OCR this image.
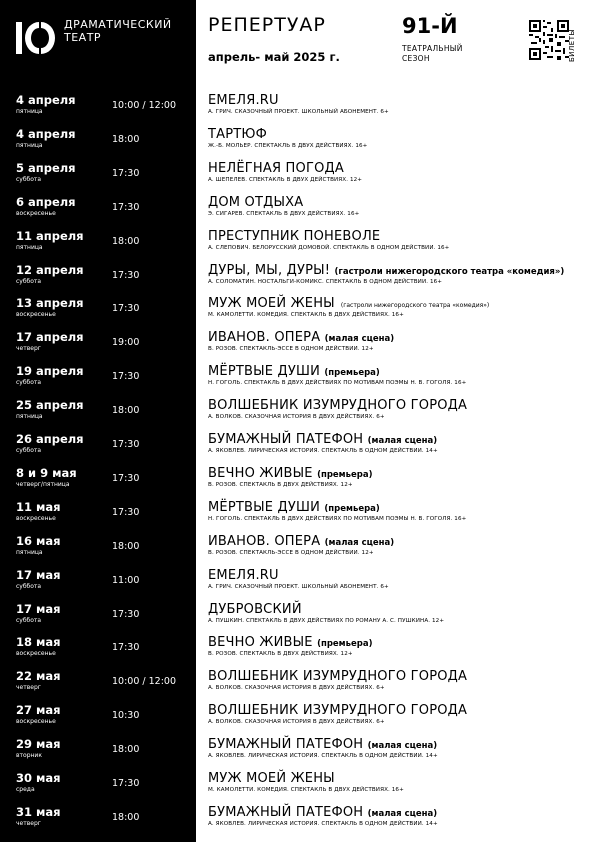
ДРАМАТИЧЕСКИЙ
ТЕАТР
РЕПЕРТУАР
апрель- май 2025 г.
91-Й
ТЕАТРАЛЬНЫЙ
СЕЗОН	БИЛЕТЫ
4 апреля
пятница
10:00 / 12:00 ЕМЕЛЯ.RU
А. ГРИЧ. СКАЗОЧНЫЙ ПРОЕКТ. ШКОЛЬНЫЙ АБОНЕМЕНТ. 6+
4 апреля
пятница
18:00	ТАРТЮФ
Ж.-Б. МОЛЬЕР. СПЕКТАКЛЬ В ДВУХ ДЕЙСТВИЯХ. 16+
5 апреля
суббота
17:30	НЕЛЁГНАЯ ПОГОДА
А. ШЕПЕЛЕВ. СПЕКТАКЛЬ В ДВУХ ДЕЙСТВИЯХ. 12+
6 апреля
воскресенье
17:30	ДОМ ОТДЫХА
Э. СИГАРЕВ. СПЕКТАКЛЬ В ДВУХ ДЕЙСТВИЯХ. 16+
11 апреля
пятница
18:00	ПРЕСТУПНИК ПОНЕВОЛЕ
А. СЛЕПОВИЧ. БЕЛОРУССКИЙ ДОМОВОЙ. СПЕКТАКЛЬ В ОДНОМ ДЕЙСТВИИ. 16+
12 апреля
суббота
17:30	ДУРЫ, МЫ, ДУРЫ! (гастроли нижегородского театра «комедия»)
А. СОЛОМАТИН. НОСТАЛЬГИ-КОМИКС. СПЕКТАКЛЬ В ОДНОМ ДЕЙСТВИИ. 16+
13 апреля
воскресенье
17:30	МУЖ МОЕЙ ЖЕНЫ (гастроли нижегородского театра «комедия»)
М. КАМОЛЕТТИ. КОМЕДИЯ. СПЕКТАКЛЬ В ДВУХ ДЕЙСТВИЯХ. 16+
17 апреля
четверг
19:00	ИВАНОВ. ОПЕРА (малая сцена)
В. РОЗОВ. СПЕКТАКЛЬ-ЭССЕ В ОДНОМ ДЕЙСТВИИ. 12+
19 апреля
суббота
17:30	МЁРТВЫЕ ДУШИ (премьера)
Н. ГОГОЛЬ. СПЕКТАКЛЬ В ДВУХ ДЕЙСТВИЯХ ПО МОТИВАМ ПОЭМЫ Н. В. ГОГОЛЯ. 16+
25 апреля
пятница
18:00	ВОЛШЕБНИК ИЗУМРУДНОГО ГОРОДА
А. ВОЛКОВ. СКАЗОЧНАЯ ИСТОРИЯ В ДВУХ ДЕЙСТВИЯХ. 6+
26 апреля
суббота
17:30	БУМАЖНЫЙ ПАТЕФОН (малая сцена)
А. ЯКОВЛЕВ. ЛИРИЧЕСКАЯ ИСТОРИЯ. СПЕКТАКЛЬ В ОДНОМ ДЕЙСТВИИ. 14+
8 и 9 мая
четверг/пятница
17:30	ВЕЧНО ЖИВЫЕ (премьера)
В. РОЗОВ. СПЕКТАКЛЬ В ДВУХ ДЕЙСТВИЯХ. 12+
11 мая
воскресенье
17:30	МЁРТВЫЕ ДУШИ (премьера)
Н. ГОГОЛЬ. СПЕКТАКЛЬ В ДВУХ ДЕЙСТВИЯХ ПО МОТИВАМ ПОЭМЫ Н. В. ГОГОЛЯ. 16+
16 мая
пятница
18:00	ИВАНОВ. ОПЕРА (малая сцена)
В. РОЗОВ. СПЕКТАКЛЬ-ЭССЕ В ОДНОМ ДЕЙСТВИИ. 12+
17 мая
суббота
11:00	ЕМЕЛЯ.RU
А. ГРИЧ. СКАЗОЧНЫЙ ПРОЕКТ. ШКОЛЬНЫЙ АБОНЕМЕНТ. 6+
17 мая
суббота
17:30	ДУБРОВСКИЙ
А. ПУШКИН. СПЕКТАКЛЬ В ДВУХ ДЕЙСТВИЯХ ПО РОМАНУ А. С. ПУШКИНА. 12+
18 мая
воскресенье
17:30	ВЕЧНО ЖИВЫЕ (премьера)
В. РОЗОВ. СПЕКТАКЛЬ В ДВУХ ДЕЙСТВИЯХ. 12+
22 мая
четверг
10:00 / 12:00 ВОЛШЕБНИК ИЗУМРУДНОГО ГОРОДА
А. ВОЛКОВ. СКАЗОЧНАЯ ИСТОРИЯ В ДВУХ ДЕЙСТВИЯХ. 6+
27 мая
воскресенье
10:30	ВОЛШЕБНИК ИЗУМРУДНОГО ГОРОДА
А. ВОЛКОВ. СКАЗОЧНАЯ ИСТОРИЯ В ДВУХ ДЕЙСТВИЯХ. 6+
29 мая
вторник
18:00	БУМАЖНЫЙ ПАТЕФОН (малая сцена)
А. ЯКОВЛЕВ. ЛИРИЧЕСКАЯ ИСТОРИЯ. СПЕКТАКЛЬ В ОДНОМ ДЕЙСТВИИ. 14+
30 мая
среда
17:30	МУЖ МОЕЙ ЖЕНЫ
М. КАМОЛЕТТИ. КОМЕДИЯ. СПЕКТАКЛЬ В ДВУХ ДЕЙСТВИЯХ. 16+
31 мая
четверг
18:00	БУМАЖНЫЙ ПАТЕФОН (малая сцена)
А. ЯКОВЛЕВ. ЛИРИЧЕСКАЯ ИСТОРИЯ. СПЕКТАКЛЬ В ОДНОМ ДЕЙСТВИИ. 14+
